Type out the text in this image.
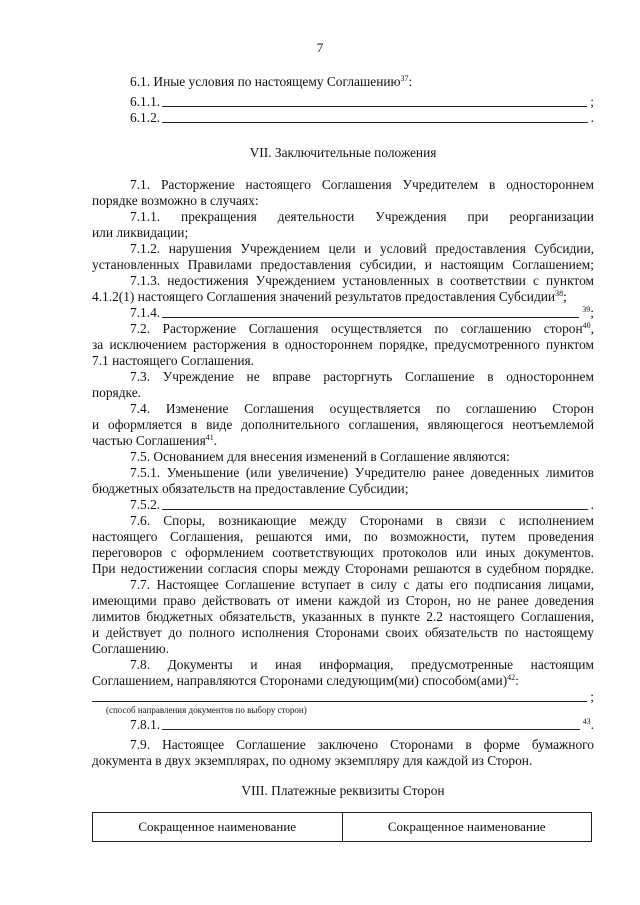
7
6.1. Иные условия по настоящему Соглашению$^{37}$:
6.1.1.	;
6.1.2.	.
VII. Заключительные положения
7.1. Расторжение настоящего Соглашения Учредителем в одностороннем
порядке возможно в случаях:
7.1.1. прекращения деятельности Учреждения при реорганизации
или ликвидации;
7.1.2. нарушения Учреждением цели и условий предоставления Субсидии,
установленных Правилами предоставления субсидии, и настоящим Соглашением;
7.1.3. недостижения Учреждением установленных в соответствии с пунктом
4.1.2(1) настоящего Соглашения значений результатов предоставления Субсидии$^{38}$;
7.1.4.	$^{39}$;
7.2. Расторжение Соглашения осуществляется по соглашению сторон$^{40}$,
за исключением расторжения в одностороннем порядке, предусмотренного пунктом
7.1 настоящего Соглашения.
7.3. Учреждение не вправе расторгнуть Соглашение в одностороннем
порядке.
7.4. Изменение Соглашения осуществляется по соглашению Сторон
и оформляется в виде дополнительного соглашения, являющегося неотъемлемой
частью Соглашения$^{41}$.
7.5. Основанием для внесения изменений в Соглашение являются:
7.5.1. Уменьшение (или увеличение) Учредителю ранее доведенных лимитов
бюджетных обязательств на предоставление Субсидии;
7.5.2.	.
7.6. Споры, возникающие между Сторонами в связи с исполнением
настоящего Соглашения, решаются ими, по возможности, путем проведения
переговоров с оформлением соответствующих протоколов или иных документов.
При недостижении согласия споры между Сторонами решаются в судебном порядке.
7.7. Настоящее Соглашение вступает в силу с даты его подписания лицами,
имеющими право действовать от имени каждой из Сторон, но не ранее доведения
лимитов бюджетных обязательств, указанных в пункте 2.2 настоящего Соглашения,
и действует до полного исполнения Сторонами своих обязательств по настоящему
Соглашению.
7.8. Документы и иная информация, предусмотренные настоящим
Соглашением, направляются Сторонами следующим(ми) способом(ами)$^{42}$:
;
(способ направления документов по выбору сторон)
7.8.1.	$^{43}$.
7.9. Настоящее Соглашение заключено Сторонами в форме бумажного
документа в двух экземплярах, по одному экземпляру для каждой из Сторон.
VIII. Платежные реквизиты Сторон
Сокращенное наименование	Сокращенное наименование
